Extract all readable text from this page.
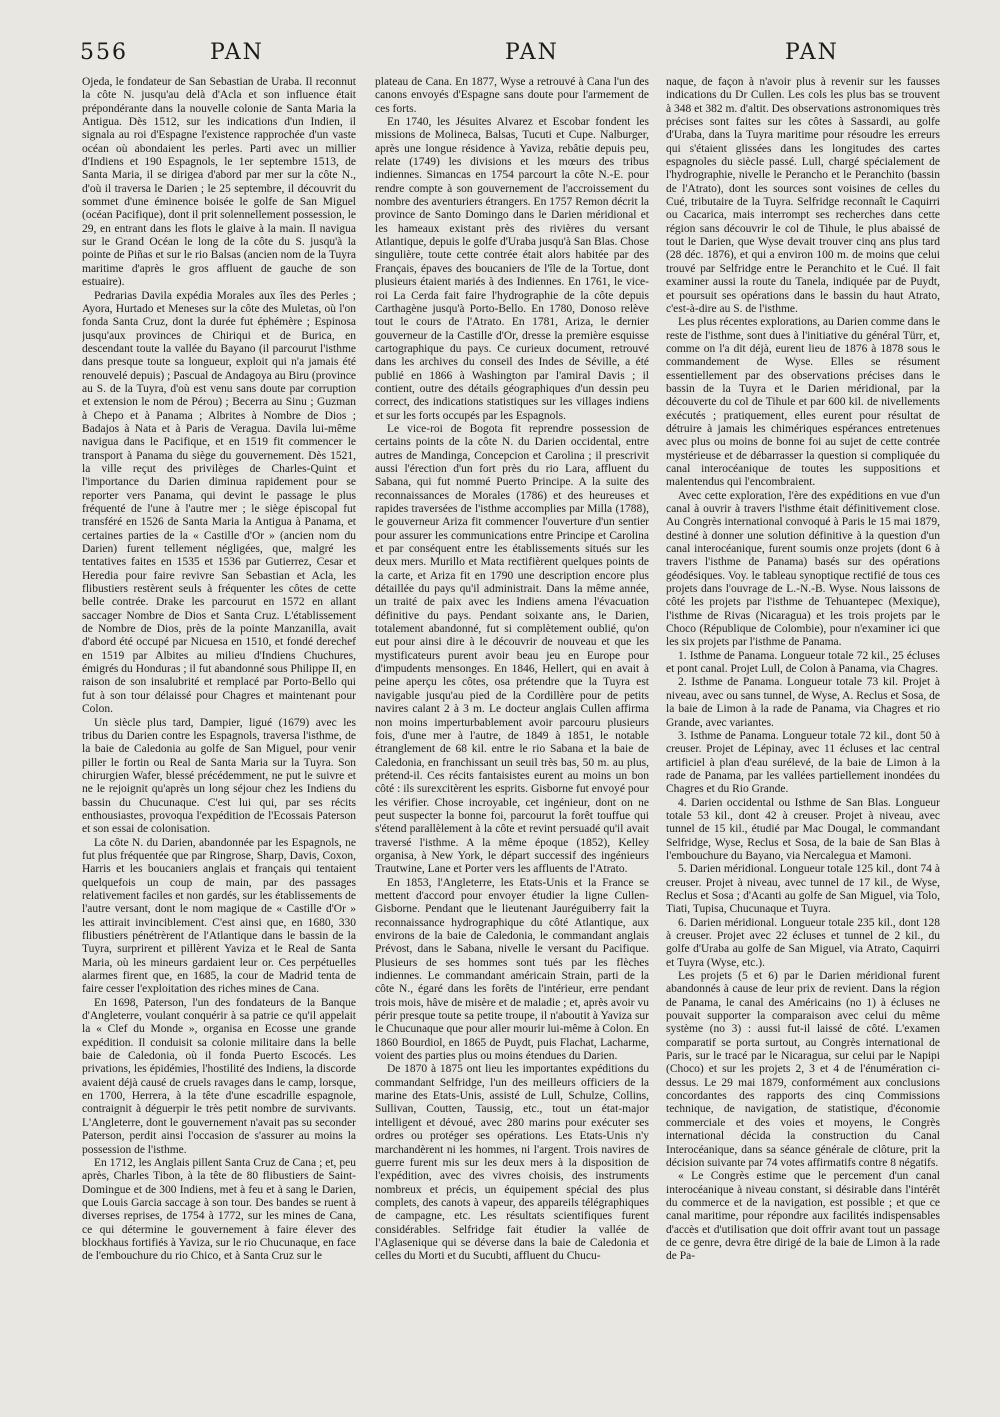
556	PAN	PAN	PAN

Ojeda, le fondateur de San Sebastian de Uraba. Il reconnut la côte N. jusqu'au delà d'Acla et son influence était prépondérante dans la nouvelle colonie de Santa Maria la Antigua. Dès 1512, sur les indications d'un Indien, il signala au roi d'Espagne l'existence rapprochée d'un vaste océan où abondaient les perles. Parti avec un millier d'Indiens et 190 Espagnols, le 1er septembre 1513, de Santa Maria, il se dirigea d'abord par mer sur la côte N., d'où il traversa le Darien ; le 25 septembre, il découvrit du sommet d'une éminence boisée le golfe de San Miguel (océan Pacifique), dont il prit solennellement possession, le 29, en entrant dans les flots le glaive à la main. Il navigua sur le Grand Océan le long de la côte du S. jusqu'à la pointe de Piñas et sur le rio Balsas (ancien nom de la Tuyra maritime d'après le gros affluent de gauche de son estuaire).

Pedrarias Davila expédia Morales aux îles des Perles ; Ayora, Hurtado et Meneses sur la côte des Muletas, où l'on fonda Santa Cruz, dont la durée fut éphémère ; Espinosa jusqu'aux provinces de Chiriqui et de Burica, en descendant toute la vallée du Bayano (il parcourut l'isthme dans presque toute sa longueur, exploit qui n'a jamais été renouvelé depuis) ; Pascual de Andagoya au Biru (province au S. de la Tuyra, d'où est venu sans doute par corruption et extension le nom de Pérou) ; Becerra au Sinu ; Guzman à Chepo et à Panama ; Albrites à Nombre de Dios ; Badajos à Nata et à Paris de Veragua. Davila lui-même navigua dans le Pacifique, et en 1519 fit commencer le transport à Panama du siège du gouvernement. Dès 1521, la ville reçut des privilèges de Charles-Quint et l'importance du Darien diminua rapidement pour se reporter vers Panama, qui devint le passage le plus fréquenté de l'une à l'autre mer ; le siège épiscopal fut transféré en 1526 de Santa Maria la Antigua à Panama, et certaines parties de la « Castille d'Or » (ancien nom du Darien) furent tellement négligées, que, malgré les tentatives faites en 1535 et 1536 par Gutierrez, Cesar et Heredia pour faire revivre San Sebastian et Acla, les flibustiers restèrent seuls à fréquenter les côtes de cette belle contrée. Drake les parcourut en 1572 en allant saccager Nombre de Dios et Santa Cruz. L'établissement de Nombre de Dios, près de la pointe Manzanilla, avait d'abord été occupé par Nicuesa en 1510, et fondé derechef en 1519 par Albites au milieu d'Indiens Chuchures, émigrés du Honduras ; il fut abandonné sous Philippe II, en raison de son insalubrité et remplacé par Porto-Bello qui fut à son tour délaissé pour Chagres et maintenant pour Colon.

Un siècle plus tard, Dampier, ligué (1679) avec les tribus du Darien contre les Espagnols, traversa l'isthme, de la baie de Caledonia au golfe de San Miguel, pour venir piller le fortin ou Real de Santa Maria sur la Tuyra. Son chirurgien Wafer, blessé précédemment, ne put le suivre et ne le rejoignit qu'après un long séjour chez les Indiens du bassin du Chucunaque. C'est lui qui, par ses récits enthousiastes, provoqua l'expédition de l'Ecossais Paterson et son essai de colonisation.

La côte N. du Darien, abandonnée par les Espagnols, ne fut plus fréquentée que par Ringrose, Sharp, Davis, Coxon, Harris et les boucaniers anglais et français qui tentaient quelquefois un coup de main, par des passages relativement faciles et non gardés, sur les établissements de l'autre versant, dont le nom magique de « Castille d'Or » les attirait invinciblement. C'est ainsi que, en 1680, 330 flibustiers pénétrèrent de l'Atlantique dans le bassin de la Tuyra, surprirent et pillèrent Yaviza et le Real de Santa Maria, où les mineurs gardaient leur or. Ces perpétuelles alarmes firent que, en 1685, la cour de Madrid tenta de faire cesser l'exploitation des riches mines de Cana.

En 1698, Paterson, l'un des fondateurs de la Banque d'Angleterre, voulant conquérir à sa patrie ce qu'il appelait la « Clef du Monde », organisa en Ecosse une grande expédition. Il conduisit sa colonie militaire dans la belle baie de Caledonia, où il fonda Puerto Escocés. Les privations, les épidémies, l'hostilité des Indiens, la discorde avaient déjà causé de cruels ravages dans le camp, lorsque, en 1700, Herrera, à la tête d'une escadrille espagnole, contraignit à déguerpir le très petit nombre de survivants. L'Angleterre, dont le gouvernement n'avait pas su seconder Paterson, perdit ainsi l'occasion de s'assurer au moins la possession de l'isthme.

En 1712, les Anglais pillent Santa Cruz de Cana ; et, peu après, Charles Tibon, à la tête de 80 flibustiers de Saint-Domingue et de 300 Indiens, met à feu et à sang le Darien, que Louis Garcia saccage à son tour. Des bandes se ruent à diverses reprises, de 1754 à 1772, sur les mines de Cana, ce qui détermine le gouvernement à faire élever des blockhaus fortifiés à Yaviza, sur le rio Chucunaque, en face de l'embouchure du rio Chico, et à Santa Cruz sur le

plateau de Cana. En 1877, Wyse a retrouvé à Cana l'un des canons envoyés d'Espagne sans doute pour l'armement de ces forts.

En 1740, les Jésuites Alvarez et Escobar fondent les missions de Molineca, Balsas, Tucuti et Cupe. Nalburger, après une longue résidence à Yaviza, rebâtie depuis peu, relate (1749) les divisions et les mœurs des tribus indiennes. Simancas en 1754 parcourt la côte N.-E. pour rendre compte à son gouvernement de l'accroissement du nombre des aventuriers étrangers. En 1757 Remon décrit la province de Santo Domingo dans le Darien méridional et les hameaux existant près des rivières du versant Atlantique, depuis le golfe d'Uraba jusqu'à San Blas. Chose singulière, toute cette contrée était alors habitée par des Français, épaves des boucaniers de l'île de la Tortue, dont plusieurs étaient mariés à des Indiennes. En 1761, le vice-roi La Cerda fait faire l'hydrographie de la côte depuis Carthagène jusqu'à Porto-Bello. En 1780, Donoso relève tout le cours de l'Atrato. En 1781, Ariza, le dernier gouverneur de la Castille d'Or, dresse la première esquisse cartographique du pays. Ce curieux document, retrouvé dans les archives du conseil des Indes de Séville, a été publié en 1866 à Washington par l'amiral Davis ; il contient, outre des détails géographiques d'un dessin peu correct, des indications statistiques sur les villages indiens et sur les forts occupés par les Espagnols.

Le vice-roi de Bogota fit reprendre possession de certains points de la côte N. du Darien occidental, entre autres de Mandinga, Concepcion et Carolina ; il prescrivit aussi l'érection d'un fort près du rio Lara, affluent du Sabana, qui fut nommé Puerto Principe. A la suite des reconnaissances de Morales (1786) et des heureuses et rapides traversées de l'isthme accomplies par Milla (1788), le gouverneur Ariza fit commencer l'ouverture d'un sentier pour assurer les communications entre Principe et Carolina et par conséquent entre les établissements situés sur les deux mers. Murillo et Mata rectifièrent quelques points de la carte, et Ariza fit en 1790 une description encore plus détaillée du pays qu'il administrait. Dans la même année, un traité de paix avec les Indiens amena l'évacuation définitive du pays. Pendant soixante ans, le Darien, totalement abandonné, fut si complètement oublié, qu'on eut pour ainsi dire à le découvrir de nouveau et que les mystificateurs purent avoir beau jeu en Europe pour d'impudents mensonges. En 1846, Hellert, qui en avait à peine aperçu les côtes, osa prétendre que la Tuyra est navigable jusqu'au pied de la Cordillère pour de petits navires calant 2 à 3 m. Le docteur anglais Cullen affirma non moins imperturbablement avoir parcouru plusieurs fois, d'une mer à l'autre, de 1849 à 1851, le notable étranglement de 68 kil. entre le rio Sabana et la baie de Caledonia, en franchissant un seuil très bas, 50 m. au plus, prétend-il. Ces récits fantaisistes eurent au moins un bon côté : ils surexcitèrent les esprits. Gisborne fut envoyé pour les vérifier. Chose incroyable, cet ingénieur, dont on ne peut suspecter la bonne foi, parcourut la forêt touffue qui s'étend parallèlement à la côte et revint persuadé qu'il avait traversé l'isthme. A la même époque (1852), Kelley organisa, à New York, le départ successif des ingénieurs Trautwine, Lane et Porter vers les affluents de l'Atrato.

En 1853, l'Angleterre, les Etats-Unis et la France se mettent d'accord pour envoyer étudier la ligne Cullen-Gisborne. Pendant que le lieutenant Jauréguiberry fait la reconnaissance hydrographique du côté Atlantique, aux environs de la baie de Caledonia, le commandant anglais Prévost, dans le Sabana, nivelle le versant du Pacifique. Plusieurs de ses hommes sont tués par les flèches indiennes. Le commandant américain Strain, parti de la côte N., égaré dans les forêts de l'intérieur, erre pendant trois mois, hâve de misère et de maladie ; et, après avoir vu périr presque toute sa petite troupe, il n'aboutit à Yaviza sur le Chucunaque que pour aller mourir lui-même à Colon. En 1860 Bourdiol, en 1865 de Puydt, puis Flachat, Lacharme, voient des parties plus ou moins étendues du Darien.

De 1870 à 1875 ont lieu les importantes expéditions du commandant Selfridge, l'un des meilleurs officiers de la marine des Etats-Unis, assisté de Lull, Schulze, Collins, Sullivan, Coutten, Taussig, etc., tout un état-major intelligent et dévoué, avec 280 marins pour exécuter ses ordres ou protéger ses opérations. Les Etats-Unis n'y marchandèrent ni les hommes, ni l'argent. Trois navires de guerre furent mis sur les deux mers à la disposition de l'expédition, avec des vivres choisis, des instruments nombreux et précis, un équipement spécial des plus complets, des canots à vapeur, des appareils télégraphiques de campagne, etc. Les résultats scientifiques furent considérables. Selfridge fait étudier la vallée de l'Aglasenique qui se déverse dans la baie de Caledonia et celles du Morti et du Sucubti, affluent du Chucu-

naque, de façon à n'avoir plus à revenir sur les fausses indications du Dr Cullen. Les cols les plus bas se trouvent à 348 et 382 m. d'altit. Des observations astronomiques très précises sont faites sur les côtes à Sassardi, au golfe d'Uraba, dans la Tuyra maritime pour résoudre les erreurs qui s'étaient glissées dans les longitudes des cartes espagnoles du siècle passé. Lull, chargé spécialement de l'hydrographie, nivelle le Perancho et le Peranchito (bassin de l'Atrato), dont les sources sont voisines de celles du Cué, tributaire de la Tuyra. Selfridge reconnaît le Caquirri ou Cacarica, mais interrompt ses recherches dans cette région sans découvrir le col de Tihule, le plus abaissé de tout le Darien, que Wyse devait trouver cinq ans plus tard (28 déc. 1876), et qui a environ 100 m. de moins que celui trouvé par Selfridge entre le Peranchito et le Cué. Il fait examiner aussi la route du Tanela, indiquée par de Puydt, et poursuit ses opérations dans le bassin du haut Atrato, c'est-à-dire au S. de l'isthme.

Les plus récentes explorations, au Darien comme dans le reste de l'isthme, sont dues à l'initiative du général Türr, et, comme on l'a dit déjà, eurent lieu de 1876 à 1878 sous le commandement de Wyse. Elles se résument essentiellement par des observations précises dans le bassin de la Tuyra et le Darien méridional, par la découverte du col de Tihule et par 600 kil. de nivellements exécutés ; pratiquement, elles eurent pour résultat de détruire à jamais les chimériques espérances entretenues avec plus ou moins de bonne foi au sujet de cette contrée mystérieuse et de débarrasser la question si compliquée du canal interocéanique de toutes les suppositions et malentendus qui l'encombraient.

Avec cette exploration, l'ère des expéditions en vue d'un canal à ouvrir à travers l'isthme était définitivement close. Au Congrès international convoqué à Paris le 15 mai 1879, destiné à donner une solution définitive à la question d'un canal interocéanique, furent soumis onze projets (dont 6 à travers l'isthme de Panama) basés sur des opérations géodésiques. Voy. le tableau synoptique rectifié de tous ces projets dans l'ouvrage de L.-N.-B. Wyse. Nous laissons de côté les projets par l'isthme de Tehuantepec (Mexique), l'isthme de Rivas (Nicaragua) et les trois projets par le Choco (République de Colombie), pour n'examiner ici que les six projets par l'isthme de Panama.

1. Isthme de Panama. Longueur totale 72 kil., 25 écluses et pont canal. Projet Lull, de Colon à Panama, via Chagres.

2. Isthme de Panama. Longueur totale 73 kil. Projet à niveau, avec ou sans tunnel, de Wyse, A. Reclus et Sosa, de la baie de Limon à la rade de Panama, via Chagres et rio Grande, avec variantes.

3. Isthme de Panama. Longueur totale 72 kil., dont 50 à creuser. Projet de Lépinay, avec 11 écluses et lac central artificiel à plan d'eau surélevé, de la baie de Limon à la rade de Panama, par les vallées partiellement inondées du Chagres et du Rio Grande.

4. Darien occidental ou Isthme de San Blas. Longueur totale 53 kil., dont 42 à creuser. Projet à niveau, avec tunnel de 15 kil., étudié par Mac Dougal, le commandant Selfridge, Wyse, Reclus et Sosa, de la baie de San Blas à l'embouchure du Bayano, via Nercalegua et Mamoni.

5. Darien méridional. Longueur totale 125 kil., dont 74 à creuser. Projet à niveau, avec tunnel de 17 kil., de Wyse, Reclus et Sosa ; d'Acanti au golfe de San Miguel, via Tolo, Tiati, Tupisa, Chucunaque et Tuyra.

6. Darien méridional. Longueur totale 235 kil., dont 128 à creuser. Projet avec 22 écluses et tunnel de 2 kil., du golfe d'Uraba au golfe de San Miguel, via Atrato, Caquirri et Tuyra (Wyse, etc.).

Les projets (5 et 6) par le Darien méridional furent abandonnés à cause de leur prix de revient. Dans la région de Panama, le canal des Américains (no 1) à écluses ne pouvait supporter la comparaison avec celui du même système (no 3) : aussi fut-il laissé de côté. L'examen comparatif se porta surtout, au Congrès international de Paris, sur le tracé par le Nicaragua, sur celui par le Napipi (Choco) et sur les projets 2, 3 et 4 de l'énumération ci-dessus. Le 29 mai 1879, conformément aux conclusions concordantes des rapports des cinq Commissions technique, de navigation, de statistique, d'économie commerciale et des voies et moyens, le Congrès international décida la construction du Canal Interocéanique, dans sa séance générale de clôture, prit la décision suivante par 74 votes affirmatifs contre 8 négatifs.

« Le Congrès estime que le percement d'un canal interocéanique à niveau constant, si désirable dans l'intérêt du commerce et de la navigation, est possible ; et que ce canal maritime, pour répondre aux facilités indispensables d'accès et d'utilisation que doit offrir avant tout un passage de ce genre, devra être dirigé de la baie de Limon à la rade de Pa-
